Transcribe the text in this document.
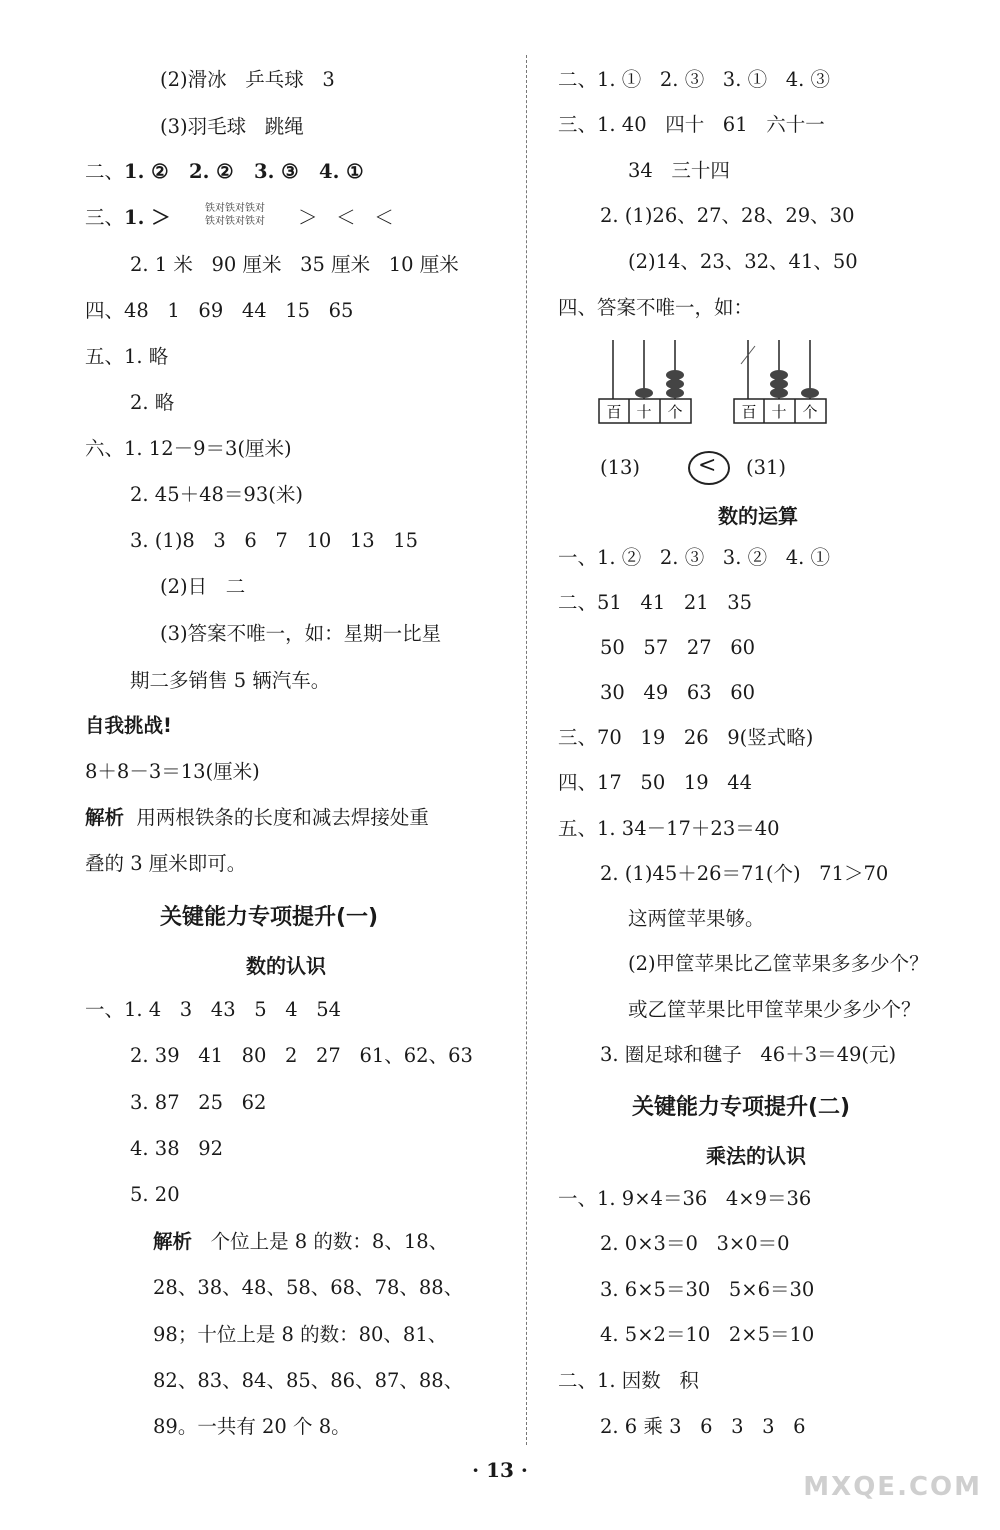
(2)滑冰   乒乓球   3
(3)羽毛球   跳绳
二、1. ②   2. ②   3. ③   4. ①
三、1. ＞	铁对铁对铁对
铁对铁对铁对 ＞   ＜   ＜
2. 1 米   90 厘米   35 厘米   10 厘米
四、48   1   69   44   15   65
五、1. 略
2. 略
六、1. 12－9＝3(厘米)
2. 45＋48＝93(米)
3. (1)8   3   6   7   10   13   15
(2)日   二
(3)答案不唯一，如：星期一比星
期二多销售 5 辆汽车。
自我挑战!
8＋8－3＝13(厘米)
解析  用两根铁条的长度和减去焊接处重
叠的 3 厘米即可。
关键能力专项提升(一)
数的认识
一、1. 4   3   43   5   4   54
2. 39   41   80   2   27   61、62、63
3. 87   25   62
4. 38   92
5. 20
解析   个位上是 8 的数：8、18、
28、38、48、58、68、78、88、
98；十位上是 8 的数：80、81、
82、83、84、85、86、87、88、
89。一共有 20 个 8。
二、1. ①   2. ③   3. ①   4. ③
三、1. 40   四十   61   六十一
34   三十四
2. (1)26、27、28、29、30
(2)14、23、32、41、50
四、答案不唯一，如：
百 十 个	百 十 个
(13)	< (31)
数的运算
一、1. ②   2. ③   3. ②   4. ①
二、51   41   21   35
50   57   27   60
30   49   63   60
三、70   19   26   9(竖式略)
四、17   50   19   44
五、1. 34－17＋23＝40
2. (1)45＋26＝71(个)   71＞70
这两筐苹果够。
(2)甲筐苹果比乙筐苹果多多少个？
或乙筐苹果比甲筐苹果少多少个？
3. 圈足球和毽子   46＋3＝49(元)
关键能力专项提升(二)
乘法的认识
一、1. 9×4＝36   4×9＝36
2. 0×3＝0   3×0＝0
3. 6×5＝30   5×6＝30
4. 5×2＝10   2×5＝10
二、1. 因数   积
2. 6 乘 3   6   3   3   6
· 13 ·
MXQE.COM
